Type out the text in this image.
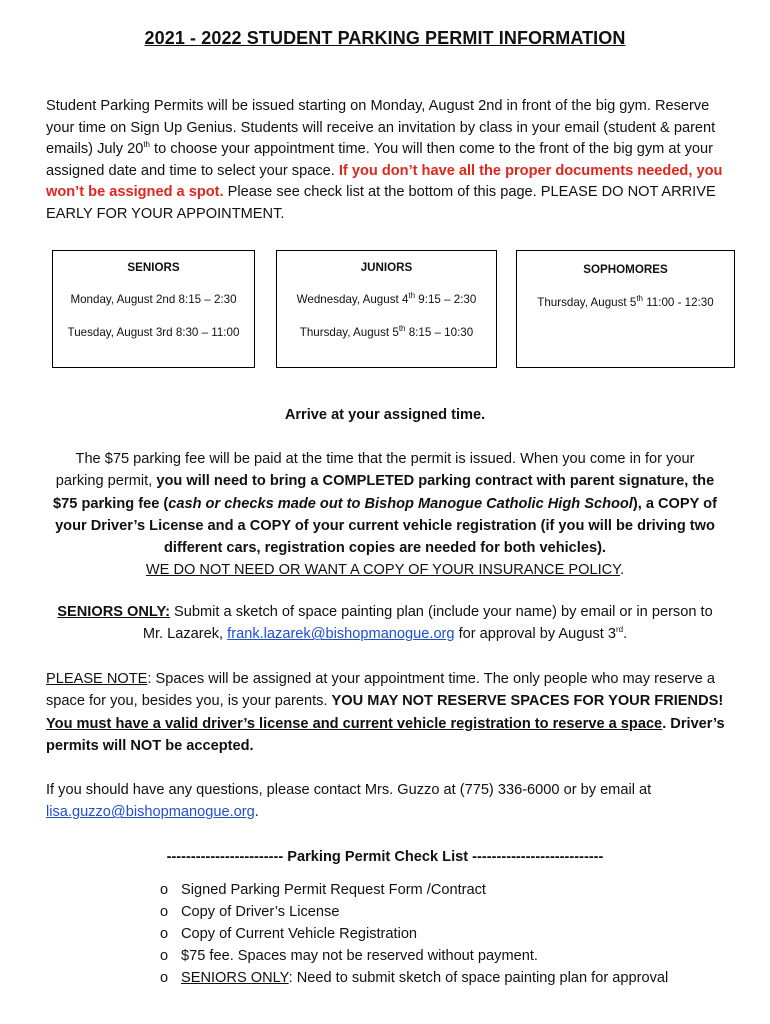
2021 - 2022 STUDENT PARKING PERMIT INFORMATION
Student Parking Permits will be issued starting on Monday, August 2nd in front of the big gym. Reserve your time on Sign Up Genius. Students will receive an invitation by class in your email (student & parent emails) July 20th to choose your appointment time. You will then come to the front of the big gym at your assigned date and time to select your space. If you don’t have all the proper documents needed, you won’t be assigned a spot. Please see check list at the bottom of this page. PLEASE DO NOT ARRIVE EARLY FOR YOUR APPOINTMENT.
SENIORS
Monday, August 2nd 8:15 – 2:30
Tuesday, August 3rd 8:30 – 11:00
JUNIORS
Wednesday, August 4th 9:15 – 2:30
Thursday, August 5th 8:15 – 10:30
SOPHOMORES
Thursday, August 5th 11:00 - 12:30
Arrive at your assigned time.
The $75 parking fee will be paid at the time that the permit is issued. When you come in for your parking permit, you will need to bring a COMPLETED parking contract with parent signature, the $75 parking fee (cash or checks made out to Bishop Manogue Catholic High School), a COPY of your Driver’s License and a COPY of your current vehicle registration (if you will be driving two different cars, registration copies are needed for both vehicles).
WE DO NOT NEED OR WANT A COPY OF YOUR INSURANCE POLICY.
SENIORS ONLY: Submit a sketch of space painting plan (include your name) by email or in person to Mr. Lazarek, frank.lazarek@bishopmanogue.org for approval by August 3rd.
PLEASE NOTE: Spaces will be assigned at your appointment time. The only people who may reserve a space for you, besides you, is your parents. YOU MAY NOT RESERVE SPACES FOR YOUR FRIENDS! You must have a valid driver’s license and current vehicle registration to reserve a space. Driver’s permits will NOT be accepted.
If you should have any questions, please contact Mrs. Guzzo at (775) 336-6000 or by email at lisa.guzzo@bishopmanogue.org.
------------------------ Parking Permit Check List ---------------------------
o Signed Parking Permit Request Form /Contract
o Copy of Driver’s License
o Copy of Current Vehicle Registration
o $75 fee. Spaces may not be reserved without payment.
o SENIORS ONLY: Need to submit sketch of space painting plan for approval
